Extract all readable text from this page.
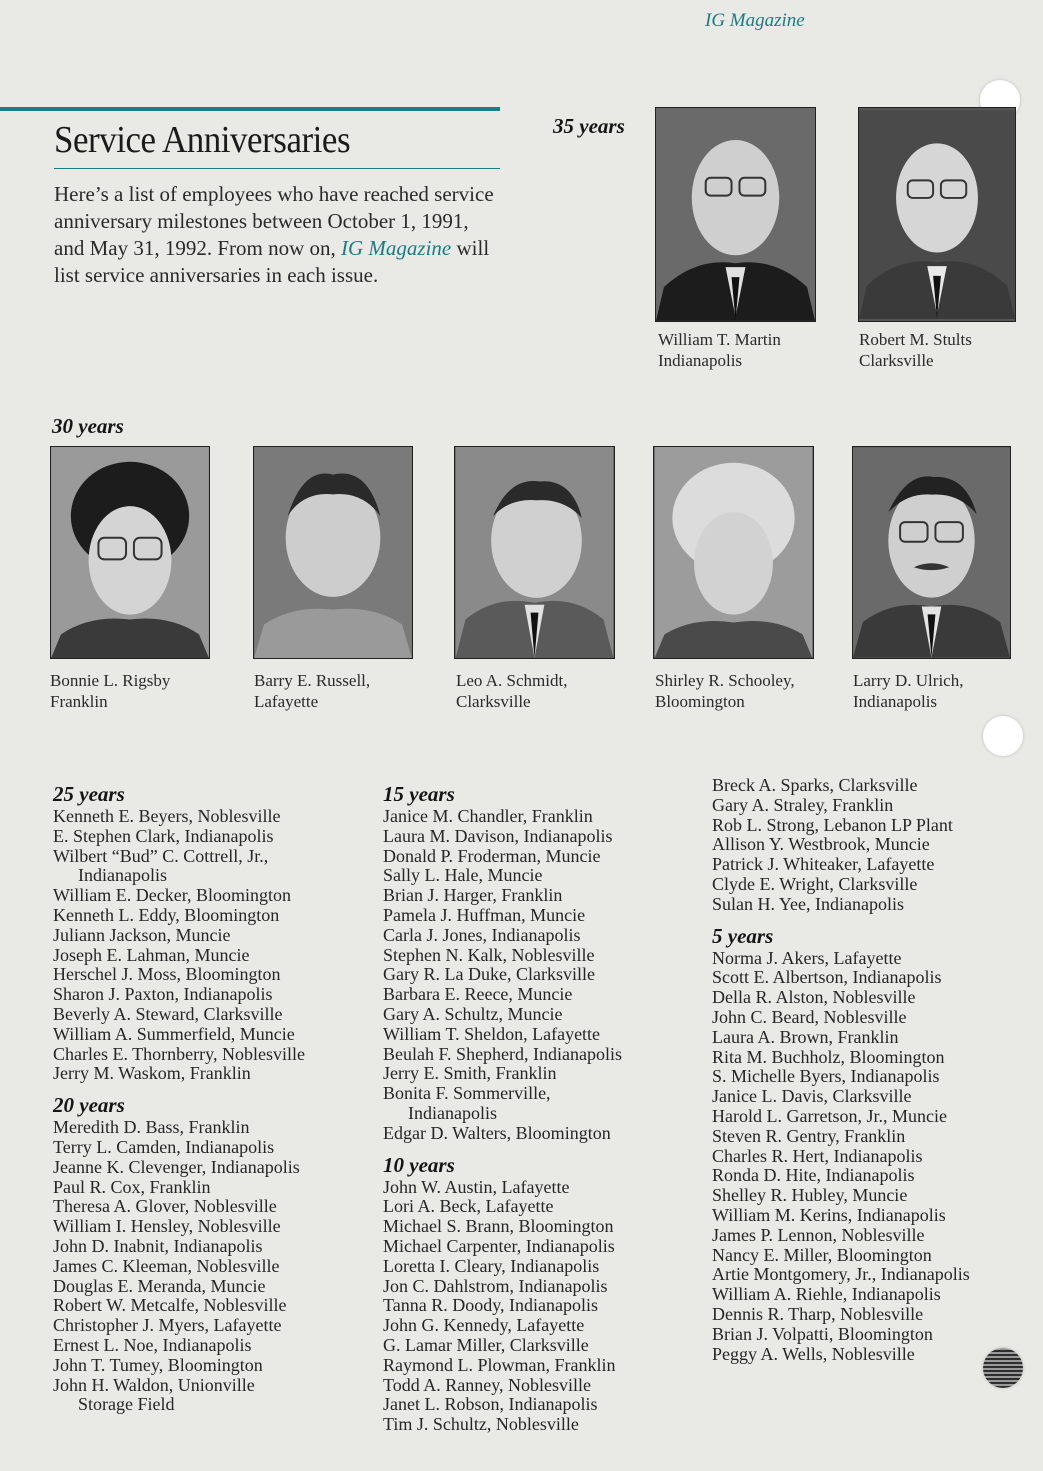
IG Magazine
Service Anniversaries
Here’s a list of employees who have reached service anniversary milestones between October 1, 1991, and May 31, 1992. From now on, IG Magazine will list service anniversaries in each issue.
35 years
William T. Martin
Indianapolis
Robert M. Stults
Clarksville
30 years
Bonnie L. Rigsby
Franklin
Barry E. Russell,
Lafayette
Leo A. Schmidt,
Clarksville
Shirley R. Schooley,
Bloomington
Larry D. Ulrich,
Indianapolis
25 years
Kenneth E. Beyers, Noblesville
E. Stephen Clark, Indianapolis
Wilbert “Bud” C. Cottrell, Jr.,
Indianapolis
William E. Decker, Bloomington
Kenneth L. Eddy, Bloomington
Juliann Jackson, Muncie
Joseph E. Lahman, Muncie
Herschel J. Moss, Bloomington
Sharon J. Paxton, Indianapolis
Beverly A. Steward, Clarksville
William A. Summerfield, Muncie
Charles E. Thornberry, Noblesville
Jerry M. Waskom, Franklin
20 years
Meredith D. Bass, Franklin
Terry L. Camden, Indianapolis
Jeanne K. Clevenger, Indianapolis
Paul R. Cox, Franklin
Theresa A. Glover, Noblesville
William I. Hensley, Noblesville
John D. Inabnit, Indianapolis
James C. Kleeman, Noblesville
Douglas E. Meranda, Muncie
Robert W. Metcalfe, Noblesville
Christopher J. Myers, Lafayette
Ernest L. Noe, Indianapolis
John T. Tumey, Bloomington
John H. Waldon, Unionville
Storage Field
15 years
Janice M. Chandler, Franklin
Laura M. Davison, Indianapolis
Donald P. Froderman, Muncie
Sally L. Hale, Muncie
Brian J. Harger, Franklin
Pamela J. Huffman, Muncie
Carla J. Jones, Indianapolis
Stephen N. Kalk, Noblesville
Gary R. La Duke, Clarksville
Barbara E. Reece, Muncie
Gary A. Schultz, Muncie
William T. Sheldon, Lafayette
Beulah F. Shepherd, Indianapolis
Jerry E. Smith, Franklin
Bonita F. Sommerville,
Indianapolis
Edgar D. Walters, Bloomington
10 years
John W. Austin, Lafayette
Lori A. Beck, Lafayette
Michael S. Brann, Bloomington
Michael Carpenter, Indianapolis
Loretta I. Cleary, Indianapolis
Jon C. Dahlstrom, Indianapolis
Tanna R. Doody, Indianapolis
John G. Kennedy, Lafayette
G. Lamar Miller, Clarksville
Raymond L. Plowman, Franklin
Todd A. Ranney, Noblesville
Janet L. Robson, Indianapolis
Tim J. Schultz, Noblesville
Breck A. Sparks, Clarksville
Gary A. Straley, Franklin
Rob L. Strong, Lebanon LP Plant
Allison Y. Westbrook, Muncie
Patrick J. Whiteaker, Lafayette
Clyde E. Wright, Clarksville
Sulan H. Yee, Indianapolis
5 years
Norma J. Akers, Lafayette
Scott E. Albertson, Indianapolis
Della R. Alston, Noblesville
John C. Beard, Noblesville
Laura A. Brown, Franklin
Rita M. Buchholz, Bloomington
S. Michelle Byers, Indianapolis
Janice L. Davis, Clarksville
Harold L. Garretson, Jr., Muncie
Steven R. Gentry, Franklin
Charles R. Hert, Indianapolis
Ronda D. Hite, Indianapolis
Shelley R. Hubley, Muncie
William M. Kerins, Indianapolis
James P. Lennon, Noblesville
Nancy E. Miller, Bloomington
Artie Montgomery, Jr., Indianapolis
William A. Riehle, Indianapolis
Dennis R. Tharp, Noblesville
Brian J. Volpatti, Bloomington
Peggy A. Wells, Noblesville
